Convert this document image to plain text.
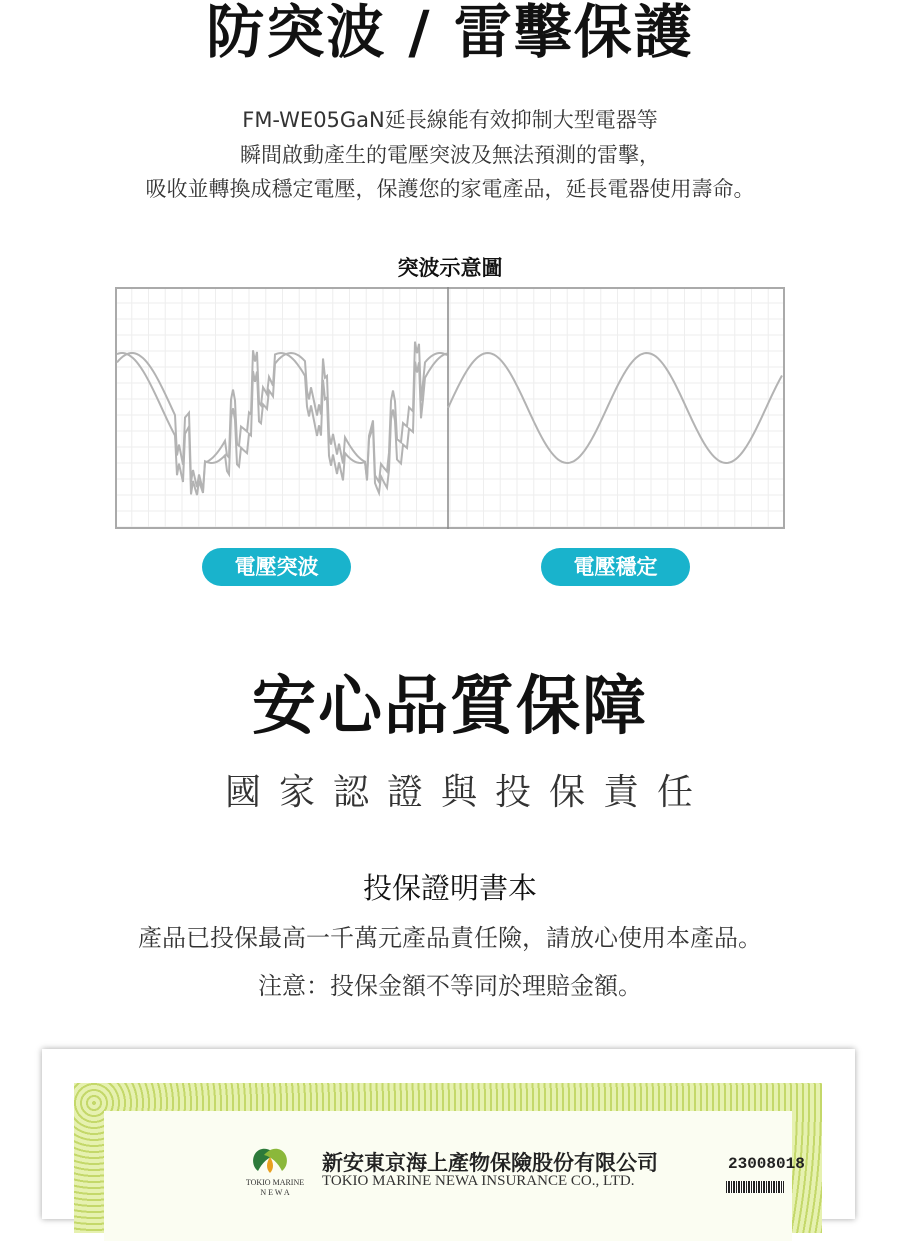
防突波 / 雷擊保護
FM-WE05GaN延長線能有效抑制大型電器等
瞬間啟動產生的電壓突波及無法預測的雷擊，
吸收並轉換成穩定電壓，保護您的家電產品，延長電器使用壽命。
突波示意圖
電壓突波	電壓穩定
安心品質保障
國家認證與投保責任
投保證明書本
產品已投保最高一千萬元產品責任險，請放心使用本產品。
注意：投保金額不等同於理賠金額。
TOKIO MARINE
N E W A
新安東京海上產物保險股份有限公司
TOKIO MARINE NEWA INSURANCE CO., LTD.
23008018
